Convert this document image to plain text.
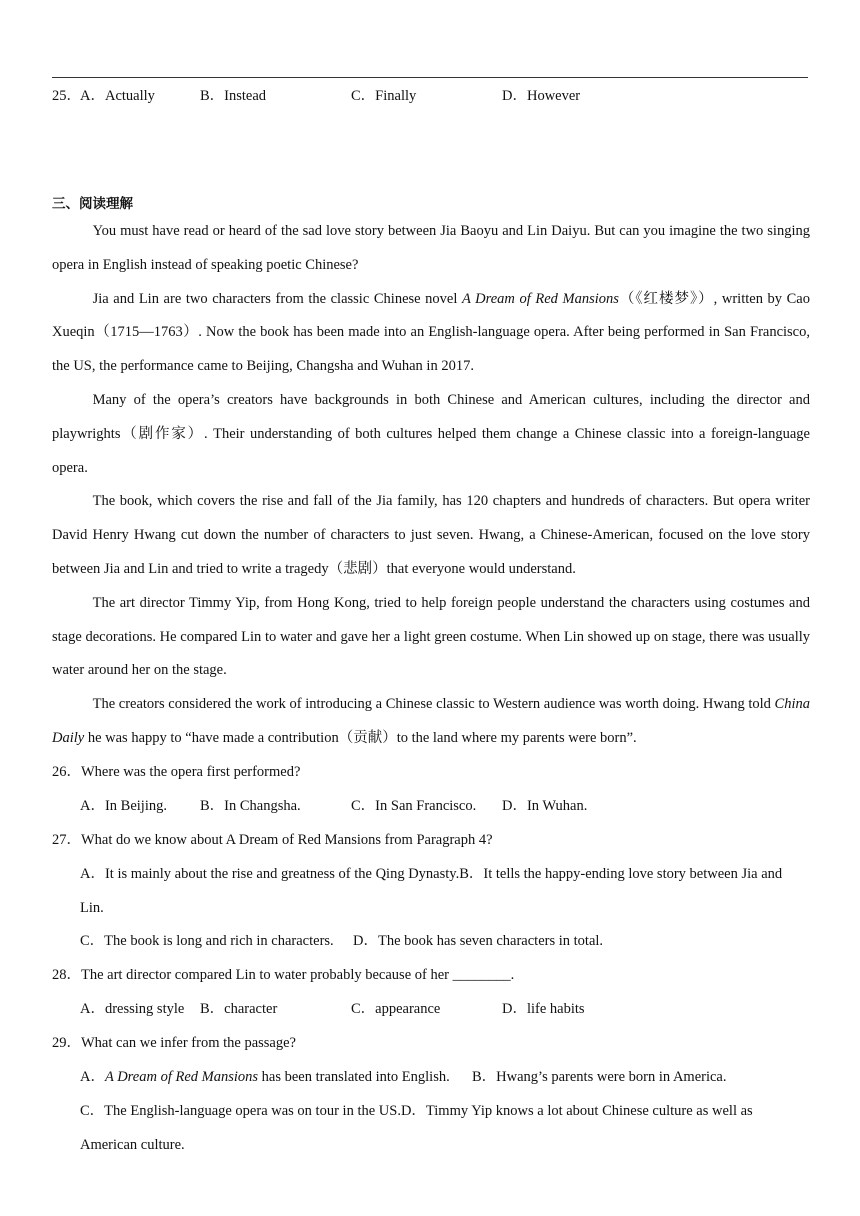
25． A．Actually	B．Instead	C．Finally	D．However
三、阅读理解

You must have read or heard of the sad love story between Jia Baoyu and Lin Daiyu. But can you imagine the two singing opera in English instead of speaking poetic Chinese?

Jia and Lin are two characters from the classic Chinese novel A Dream of Red Mansions（《红楼梦》）, written by Cao Xueqin（1715—1763）. Now the book has been made into an English-language opera. After being performed in San Francisco, the US, the performance came to Beijing, Changsha and Wuhan in 2017.

Many of the opera’s creators have backgrounds in both Chinese and American cultures, including the director and playwrights（剧作家）. Their understanding of both cultures helped them change a Chinese classic into a foreign-language opera.

The book, which covers the rise and fall of the Jia family, has 120 chapters and hundreds of characters. But opera writer David Henry Hwang cut down the number of characters to just seven. Hwang, a Chinese-American, focused on the love story between Jia and Lin and tried to write a tragedy（悲剧）that everyone would understand.

The art director Timmy Yip, from Hong Kong, tried to help foreign people understand the characters using costumes and stage decorations. He compared Lin to water and gave her a light green costume. When Lin showed up on stage, there was usually water around her on the stage.

The creators considered the work of introducing a Chinese classic to Western audience was worth doing. Hwang told China Daily he was happy to “have made a contribution（贡献）to the land where my parents were born”.

26．Where was the opera first performed?
A．In Beijing. B．In Changsha.	C．In San Francisco. D．In Wuhan.
27．What do we know about A Dream of Red Mansions from Paragraph 4?
A．It is mainly about the rise and greatness of the Qing Dynasty.B．It tells the happy-ending love story between Jia and
Lin.
C．The book is long and rich in characters. D．The book has seven characters in total.
28．The art director compared Lin to water probably because of her ________.
A．dressing style B．character	C．appearance	D．life habits
29．What can we infer from the passage?
A．A Dream of Red Mansions has been translated into English. B．Hwang’s parents were born in America.
C．The English-language opera was on tour in the US.D．Timmy Yip knows a lot about Chinese culture as well as
American culture.
